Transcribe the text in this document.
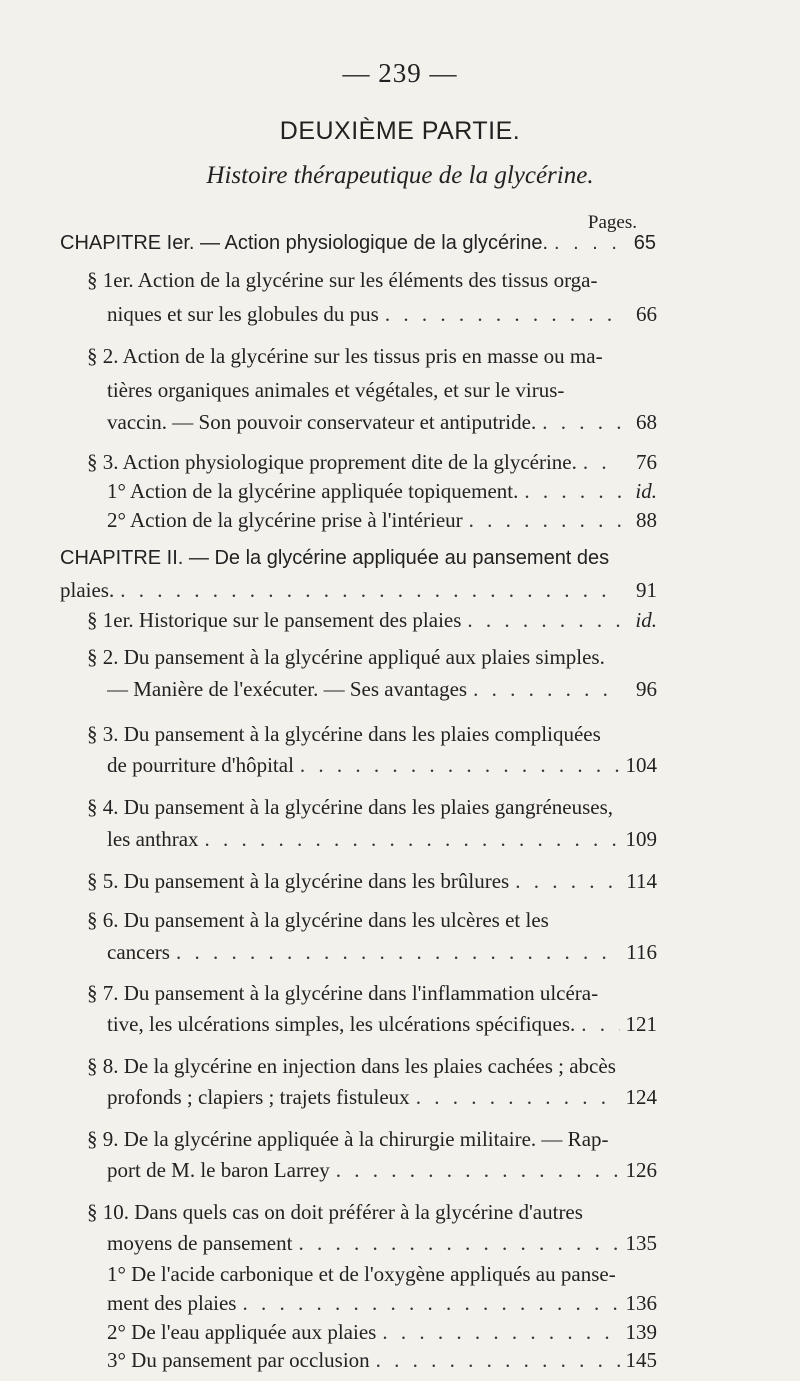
— 239 —
DEUXIÈME PARTIE.
Histoire thérapeutique de la glycérine.
Pages.
CHAPITRE Ier. — Action physiologique de la glycérine. . . .	65
§ 1er. Action de la glycérine sur les éléments des tissus orga-
niques et sur les globules du pus . . .	66
§ 2. Action de la glycérine sur les tissus pris en masse ou ma-
tières organiques animales et végétales, et sur le virus-
vaccin. — Son pouvoir conservateur et antiputride. . . .	68
§ 3. Action physiologique proprement dite de la glycérine. . . .	76
1° Action de la glycérine appliquée topiquement. . . .	id.
2° Action de la glycérine prise à l'intérieur . . .	88
CHAPITRE II. — De la glycérine appliquée au pansement des
plaies. . . .	91
§ 1er. Historique sur le pansement des plaies . . .	id.
§ 2. Du pansement à la glycérine appliqué aux plaies simples.
— Manière de l'exécuter. — Ses avantages . . .	96
§ 3. Du pansement à la glycérine dans les plaies compliquées
de pourriture d'hôpital . . .	104
§ 4. Du pansement à la glycérine dans les plaies gangréneuses,
les anthrax . . .	109
§ 5. Du pansement à la glycérine dans les brûlures . . .	114
§ 6. Du pansement à la glycérine dans les ulcères et les
cancers . . .	116
§ 7. Du pansement à la glycérine dans l'inflammation ulcéra-
tive, les ulcérations simples, les ulcérations spécifiques. . . . 121
§ 8. De la glycérine en injection dans les plaies cachées ; abcès
profonds ; clapiers ; trajets fistuleux . . .	124
§ 9. De la glycérine appliquée à la chirurgie militaire. — Rap-
port de M. le baron Larrey . . .	126
§ 10. Dans quels cas on doit préférer à la glycérine d'autres
moyens de pansement . . .	135
1° De l'acide carbonique et de l'oxygène appliqués au panse-
ment des plaies . . .	136
2° De l'eau appliquée aux plaies . . .	139
3° Du pansement par occlusion . . .	145
